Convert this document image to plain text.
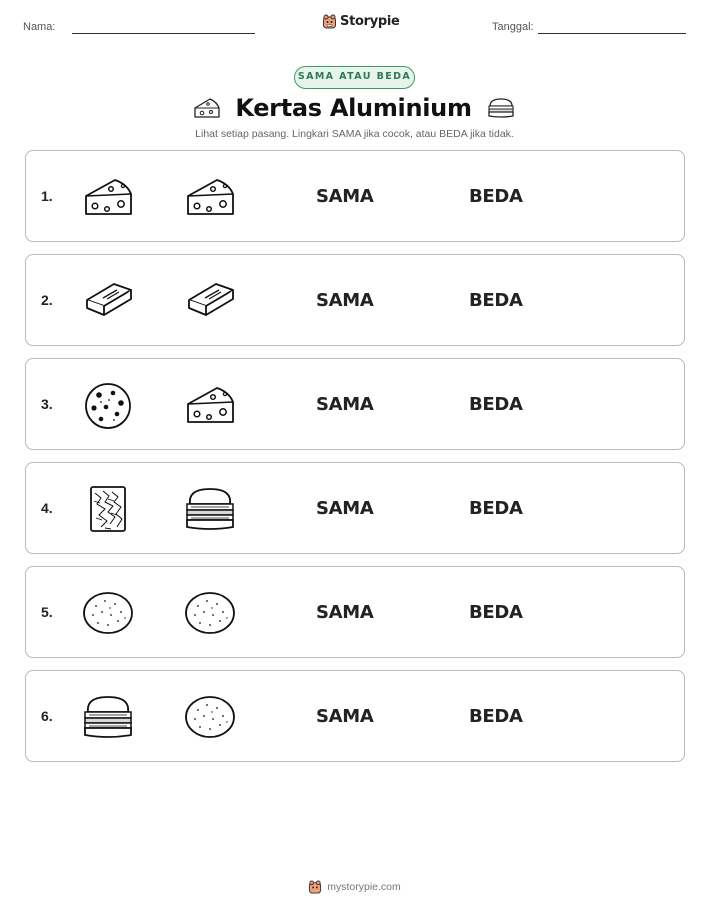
Nama:	Storypie	Tanggal:
SAMA ATAU BEDA
Kertas Aluminium
Lihat setiap pasang. Lingkari SAMA jika cocok, atau BEDA jika tidak.
1.	SAMA	BEDA
2.	SAMA	BEDA
3.	SAMA	BEDA
4.	SAMA	BEDA
5.	SAMA	BEDA
6.	SAMA	BEDA
mystorypie.com
